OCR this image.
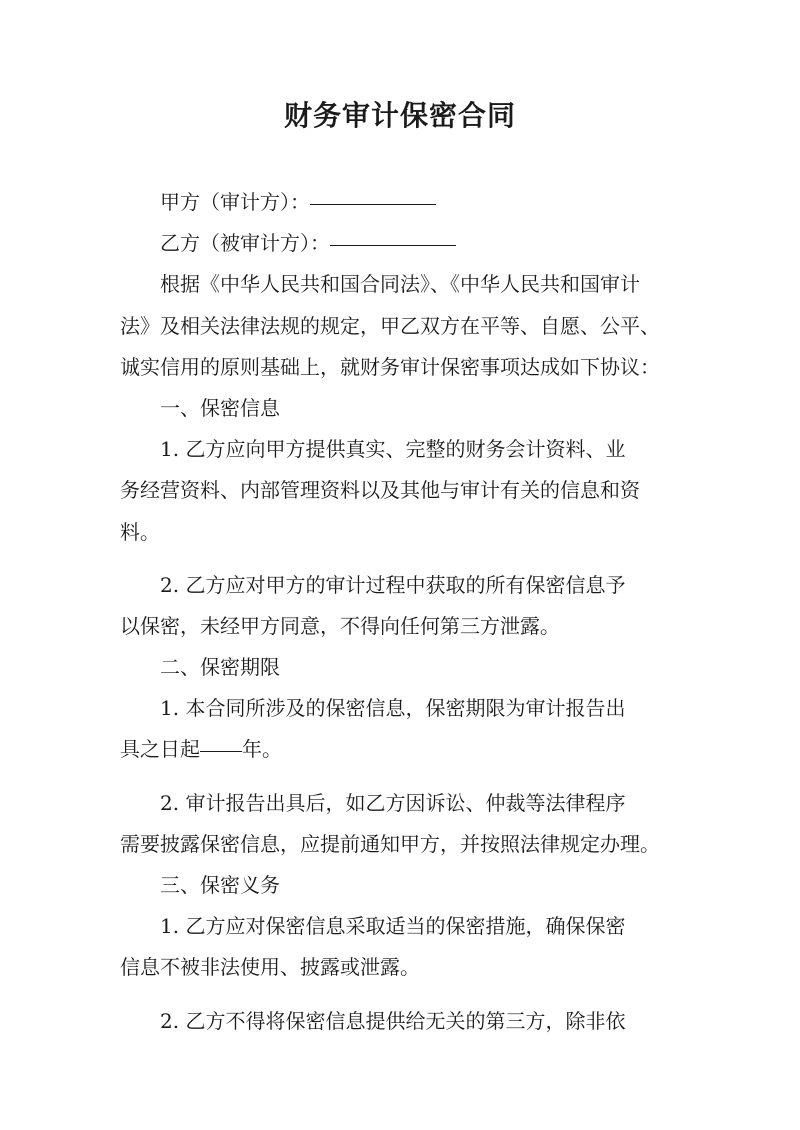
财务审计保密合同
甲方（审计方）：
乙方（被审计方）：
根据《中华人民共和国合同法》、《中华人民共和国审计
法》及相关法律法规的规定，甲乙双方在平等、自愿、公平、
诚实信用的原则基础上，就财务审计保密事项达成如下协议：
一、保密信息
1. 乙方应向甲方提供真实、完整的财务会计资料、业
务经营资料、内部管理资料以及其他与审计有关的信息和资
料。
2. 乙方应对甲方的审计过程中获取的所有保密信息予
以保密，未经甲方同意，不得向任何第三方泄露。
二、保密期限
1. 本合同所涉及的保密信息，保密期限为审计报告出
具之日起 年。
2. 审计报告出具后，如乙方因诉讼、仲裁等法律程序
需要披露保密信息，应提前通知甲方，并按照法律规定办理。
三、保密义务
1. 乙方应对保密信息采取适当的保密措施，确保保密
信息不被非法使用、披露或泄露。
2. 乙方不得将保密信息提供给无关的第三方，除非依
